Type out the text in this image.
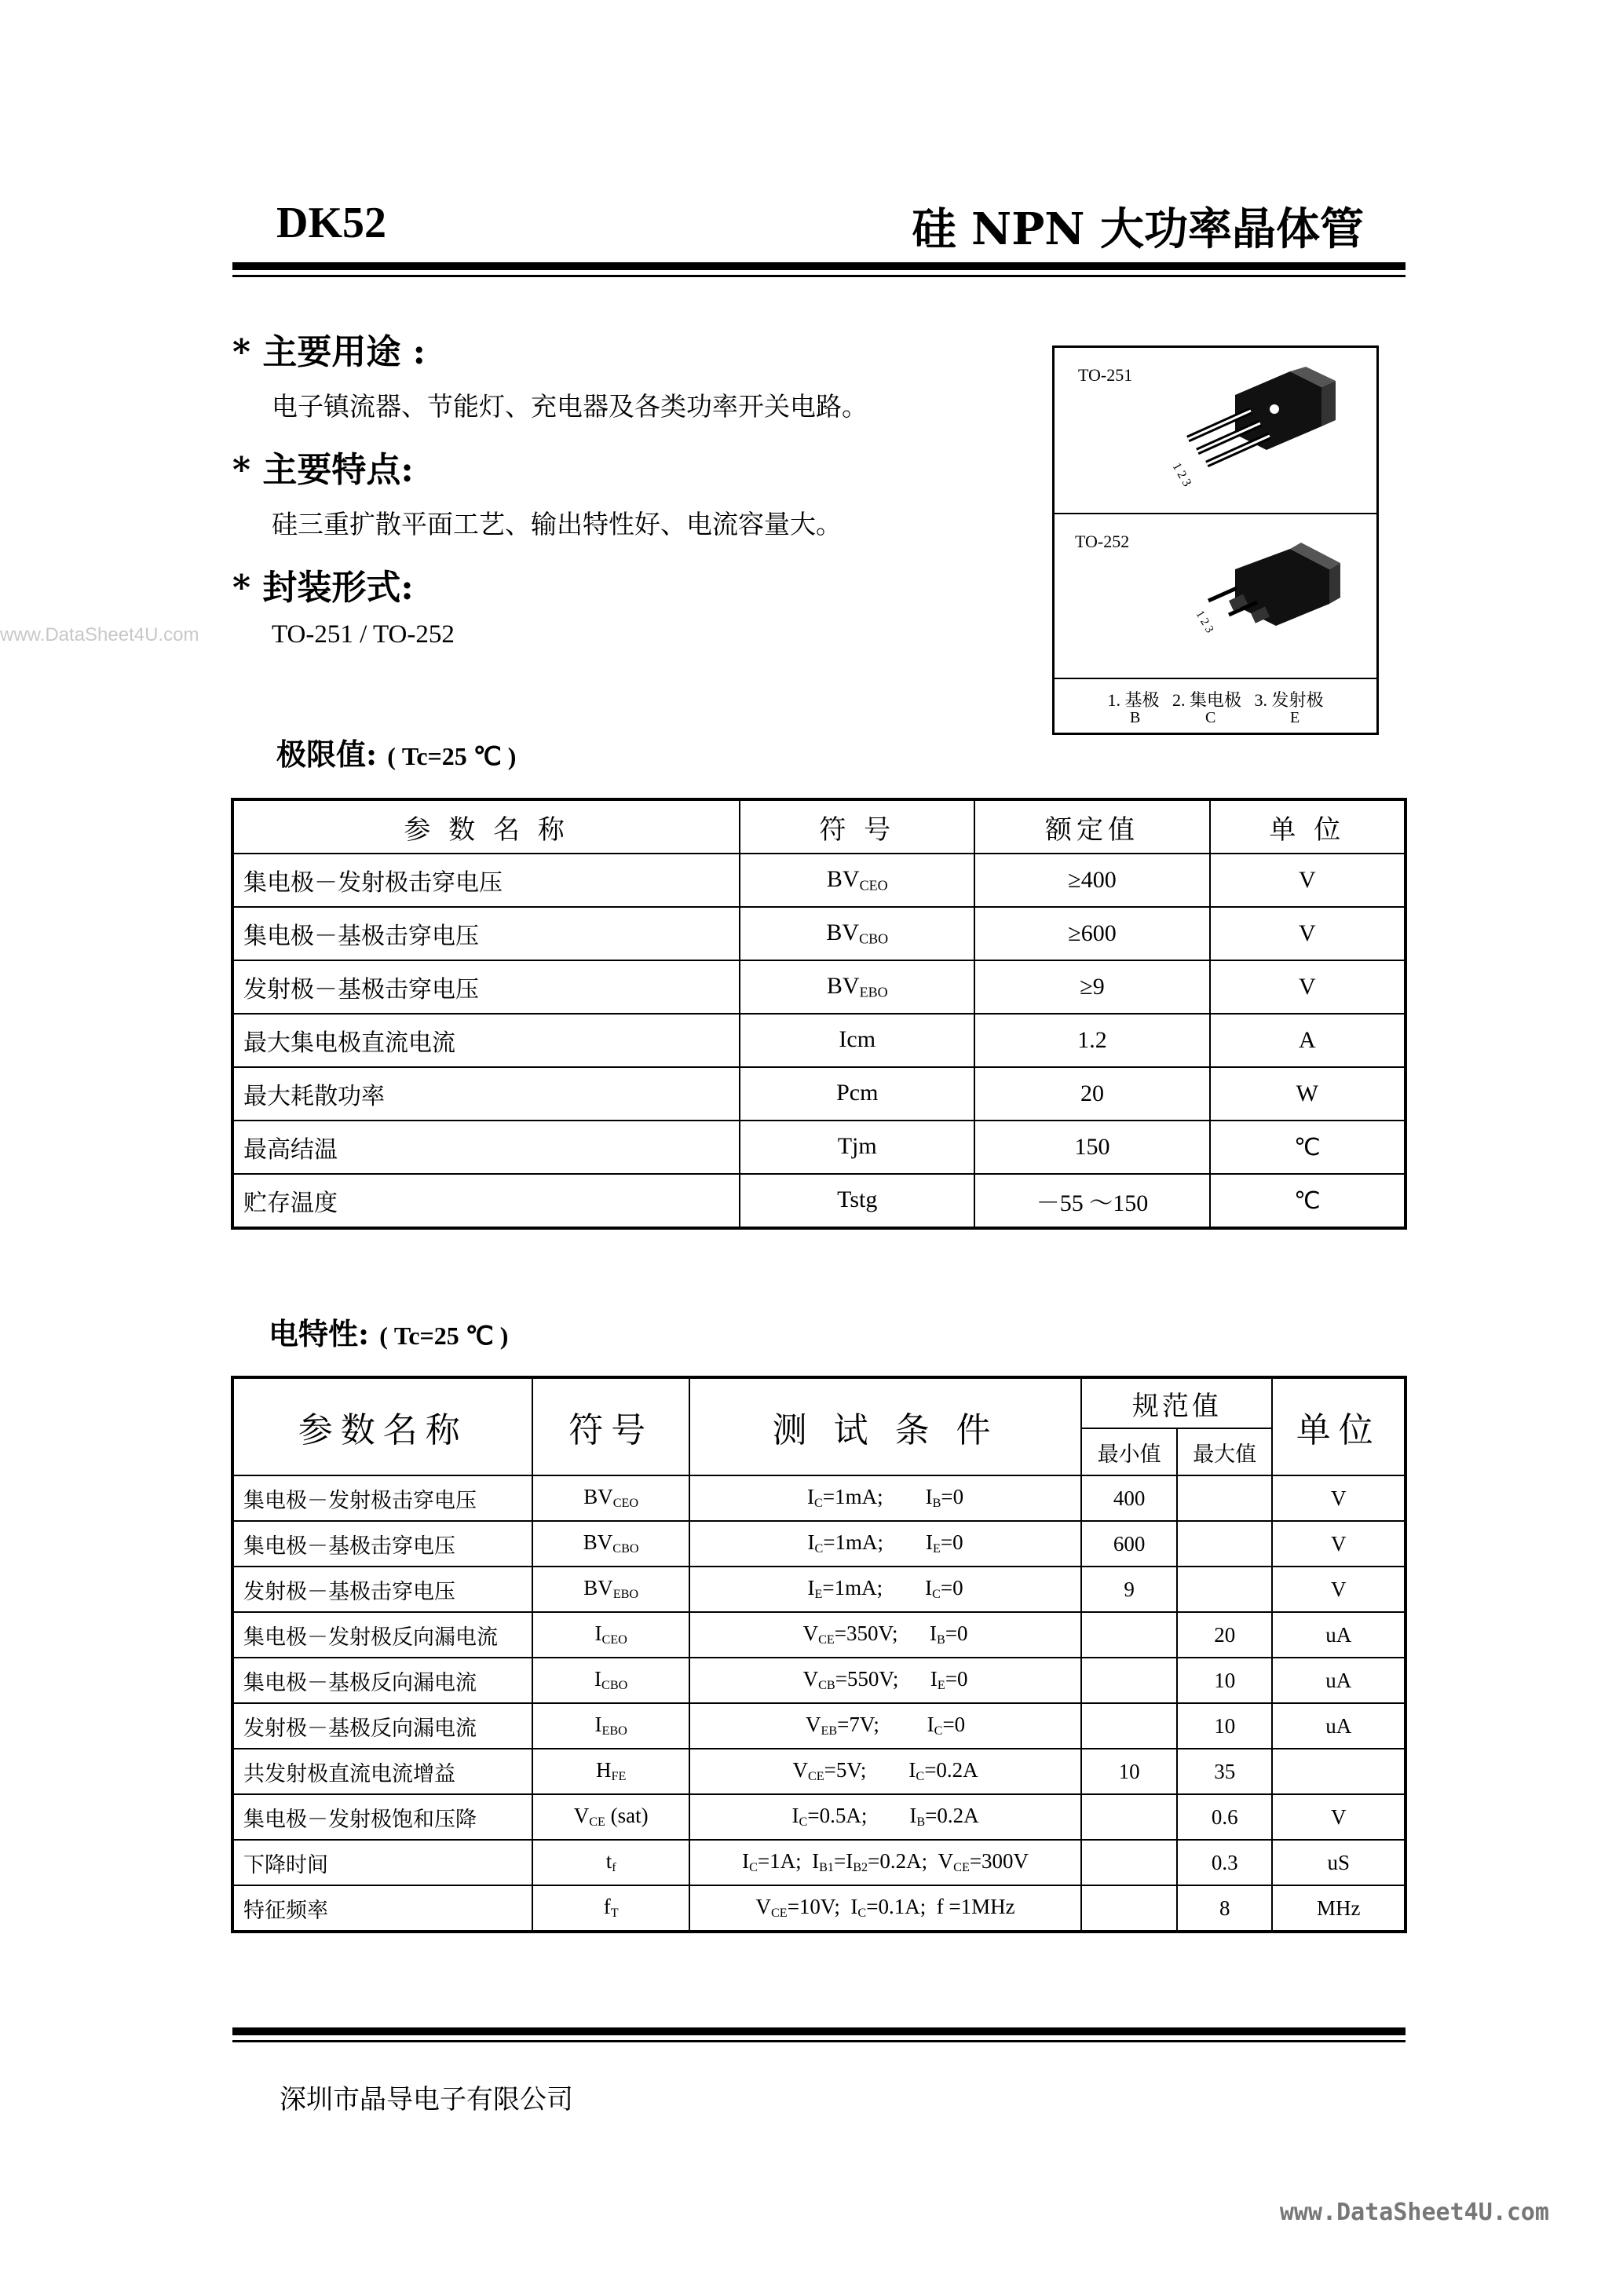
DK52	硅 NPN 大功率晶体管
www.DataSheet4U.com
* 主要用途 :
电子镇流器、节能灯、充电器及各类功率开关电路。
* 主要特点:
硅三重扩散平面工艺、输出特性好、电流容量大。
* 封装形式:
TO-251 / TO-252
TO-251
1 2 3
TO-252
1 2 3
1. 基极   2. 集电极   3. 发射极
B	C	E
极限值: ( Tc=25 ℃ )
参 数 名 称	符 号	额定值	单 位
集电极－发射极击穿电压	$BV_{CEO}$	≥400	V
集电极－基极击穿电压	$BV_{CBO}$	≥600	V
发射极－基极击穿电压	$BV_{EBO}$	≥9	V
最大集电极直流电流	Icm	1.2	A
最大耗散功率	Pcm	20	W
最高结温	Tjm	150	℃
贮存温度	Tstg	－55 ～150	℃
电特性: ( Tc=25 ℃ )
参数名称	符号	测 试 条 件	规范值		单位
			最小值	最大值	
集电极－发射极击穿电压	$BV_{CEO}$	$I_C=1mA$;        $I_B=0$	400		V
集电极－基极击穿电压	$BV_{CBO}$	$I_C=1mA$;        $I_E=0$	600		V
发射极－基极击穿电压	$BV_{EBO}$	$I_E=1mA$;        $I_C=0$	9		V
集电极－发射极反向漏电流	$I_{CEO}$	$V_{CE}=350V$;      $I_B=0$		20	uA
集电极－基极反向漏电流	$I_{CBO}$	$V_{CB}=550V$;      $I_E=0$		10	uA
发射极－基极反向漏电流	$I_{EBO}$	$V_{EB}=7V$;         $I_C=0$		10	uA
共发射极直流电流增益	$H_{FE}$	$V_{CE}=5V$;        $I_C=0.2A$	10	35	
集电极－发射极饱和压降	$V_{CE}$ (sat)	$I_C=0.5A$;        $I_B=0.2A$		0.6	V
下降时间	$t_f$	$I_C=1A$;  $I_{B1}=I_{B2}=0.2A$;  $V_{CE}=300V$		0.3	uS
特征频率	$f_T$	$V_{CE}=10V$;  $I_C=0.1A$;  f =1MHz		8	MHz
深圳市晶导电子有限公司
www.DataSheet4U.com
